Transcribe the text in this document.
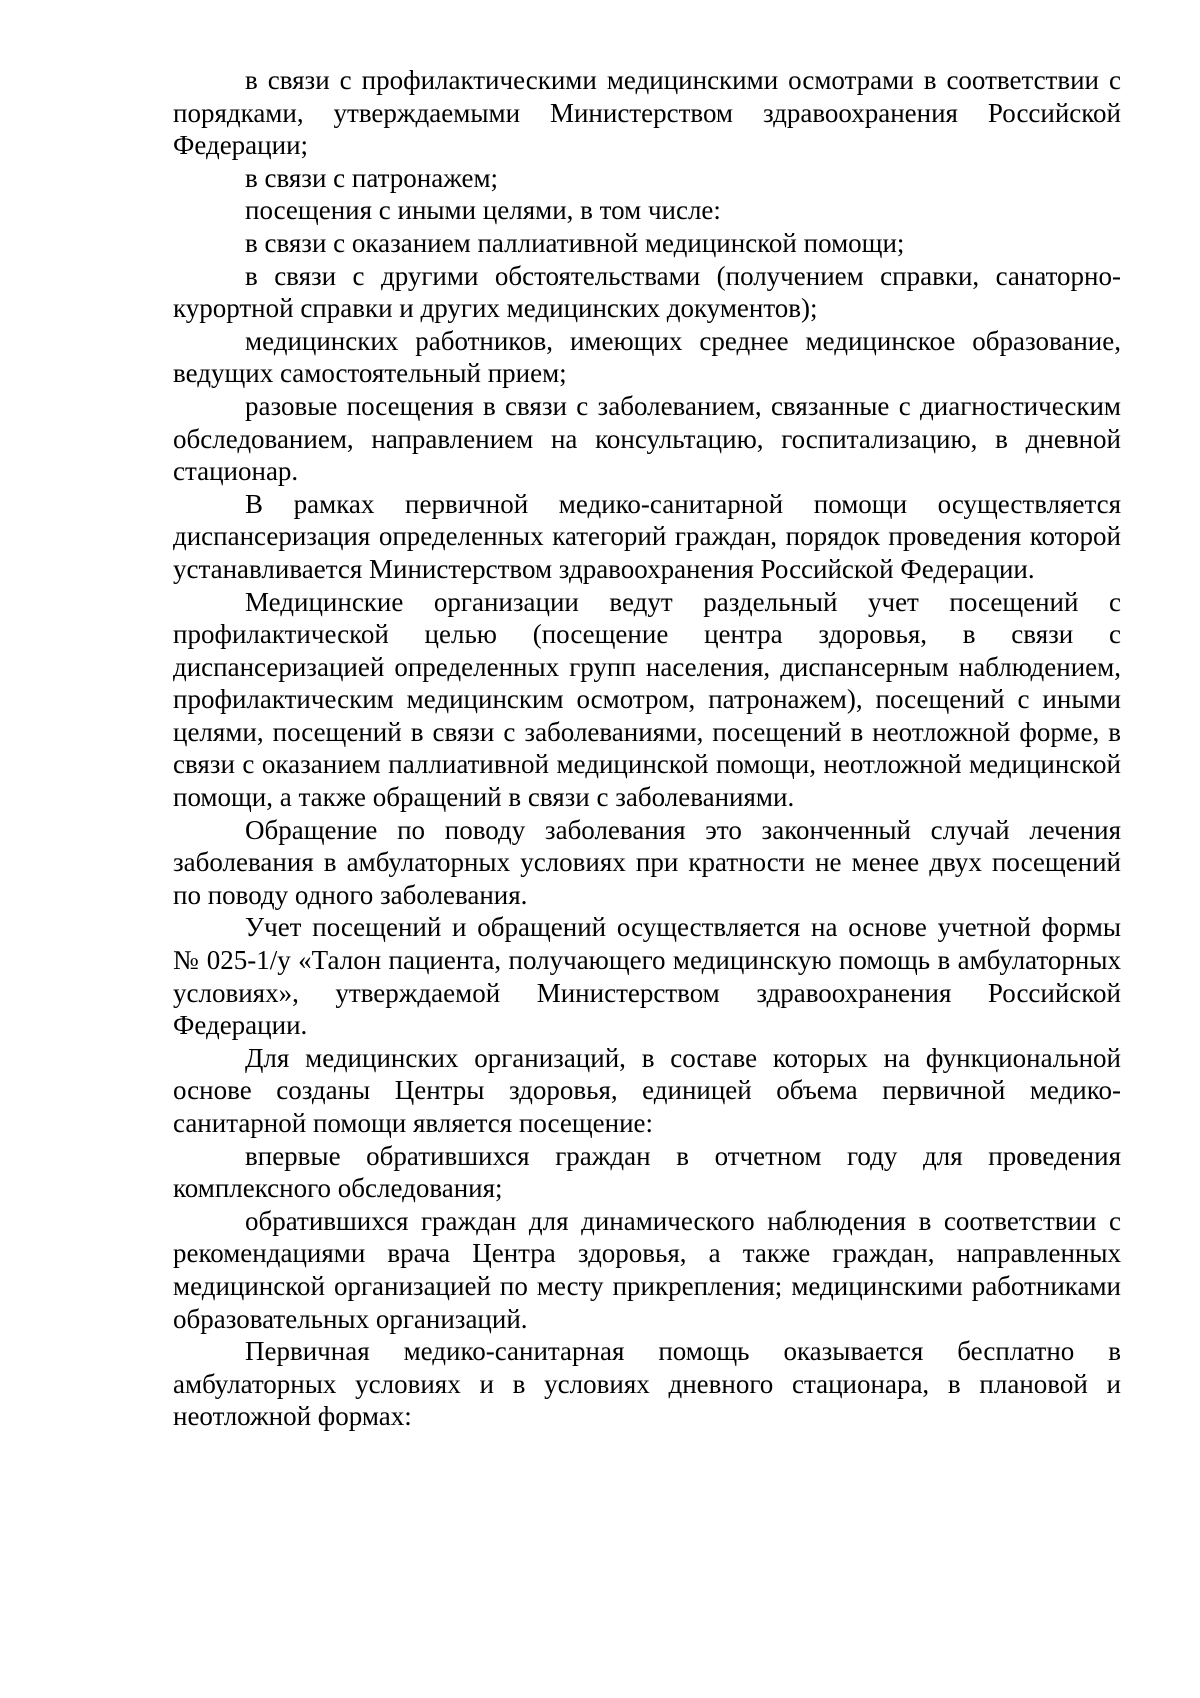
в связи с профилактическими медицинскими осмотрами в соответствии с порядками, утверждаемыми Министерством здравоохранения Российской Федерации;

в связи с патронажем;

посещения с иными целями, в том числе:

в связи с оказанием паллиативной медицинской помощи;

в связи с другими обстоятельствами (получением справки, санаторно-курортной справки и других медицинских документов);

медицинских работников, имеющих среднее медицинское образование, ведущих самостоятельный прием;

разовые посещения в связи с заболеванием, связанные с диагностическим обследованием, направлением на консультацию, госпитализацию, в дневной стационар.

В рамках первичной медико-санитарной помощи осуществляется диспансеризация определенных категорий граждан, порядок проведения которой устанавливается Министерством здравоохранения Российской Федерации.

Медицинские организации ведут раздельный учет посещений с профилактической целью (посещение центра здоровья, в связи с диспансеризацией определенных групп населения, диспансерным наблюдением, профилактическим медицинским осмотром, патронажем), посещений с иными целями, посещений в связи с заболеваниями, посещений в неотложной форме, в связи с оказанием паллиативной медицинской помощи, неотложной медицинской помощи, а также обращений в связи с заболеваниями.

Обращение по поводу заболевания это законченный случай лечения заболевания в амбулаторных условиях при кратности не менее двух посещений по поводу одного заболевания.

Учет посещений и обращений осуществляется на основе учетной формы № 025-1/у «Талон пациента, получающего медицинскую помощь в амбулаторных условиях», утверждаемой Министерством здравоохранения Российской Федерации.

Для медицинских организаций, в составе которых на функциональной основе созданы Центры здоровья, единицей объема первичной медико-санитарной помощи является посещение:

впервые обратившихся граждан в отчетном году для проведения комплексного обследования;

обратившихся граждан для динамического наблюдения в соответствии с рекомендациями врача Центра здоровья, а также граждан, направленных медицинской организацией по месту прикрепления; медицинскими работниками образовательных организаций.

Первичная медико-санитарная помощь оказывается бесплатно в амбулаторных условиях и в условиях дневного стационара, в плановой и неотложной формах:
